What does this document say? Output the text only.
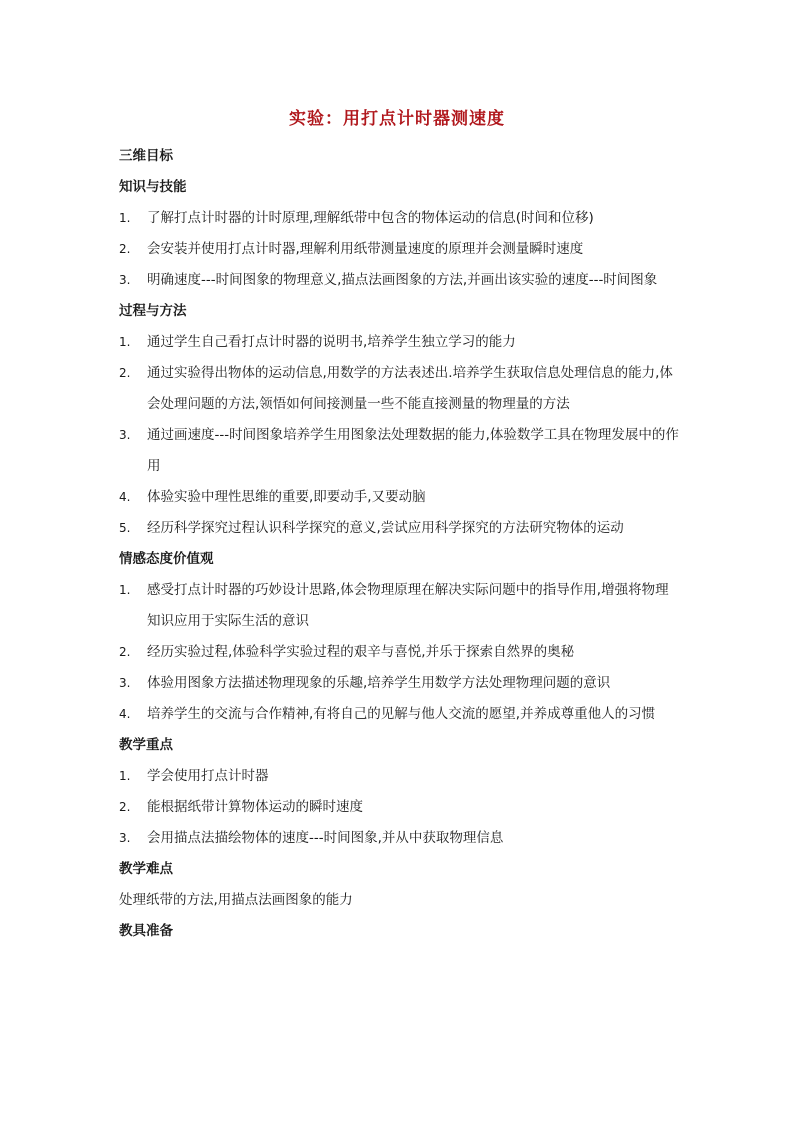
实验：用打点计时器测速度
三维目标
知识与技能
1.	了解打点计时器的计时原理,理解纸带中包含的物体运动的信息(时间和位移)
2.	会安装并使用打点计时器,理解利用纸带测量速度的原理并会测量瞬时速度
3.	明确速度---时间图象的物理意义,描点法画图象的方法,并画出该实验的速度---时间图象
过程与方法
1.	通过学生自己看打点计时器的说明书,培养学生独立学习的能力
2.	通过实验得出物体的运动信息,用数学的方法表述出.培养学生获取信息处理信息的能力,体会处理问题的方法,领悟如何间接测量一些不能直接测量的物理量的方法
3.	通过画速度---时间图象培养学生用图象法处理数据的能力,体验数学工具在物理发展中的作用
4.	体验实验中理性思维的重要,即要动手,又要动脑
5.	经历科学探究过程认识科学探究的意义,尝试应用科学探究的方法研究物体的运动
情感态度价值观
1.	感受打点计时器的巧妙设计思路,体会物理原理在解决实际问题中的指导作用,增强将物理知识应用于实际生活的意识
2.	经历实验过程,体验科学实验过程的艰辛与喜悦,并乐于探索自然界的奥秘
3.	体验用图象方法描述物理现象的乐趣,培养学生用数学方法处理物理问题的意识
4.	培养学生的交流与合作精神,有将自己的见解与他人交流的愿望,并养成尊重他人的习惯
教学重点
1.	学会使用打点计时器
2.	能根据纸带计算物体运动的瞬时速度
3.	会用描点法描绘物体的速度---时间图象,并从中获取物理信息
教学难点
处理纸带的方法,用描点法画图象的能力
教具准备
